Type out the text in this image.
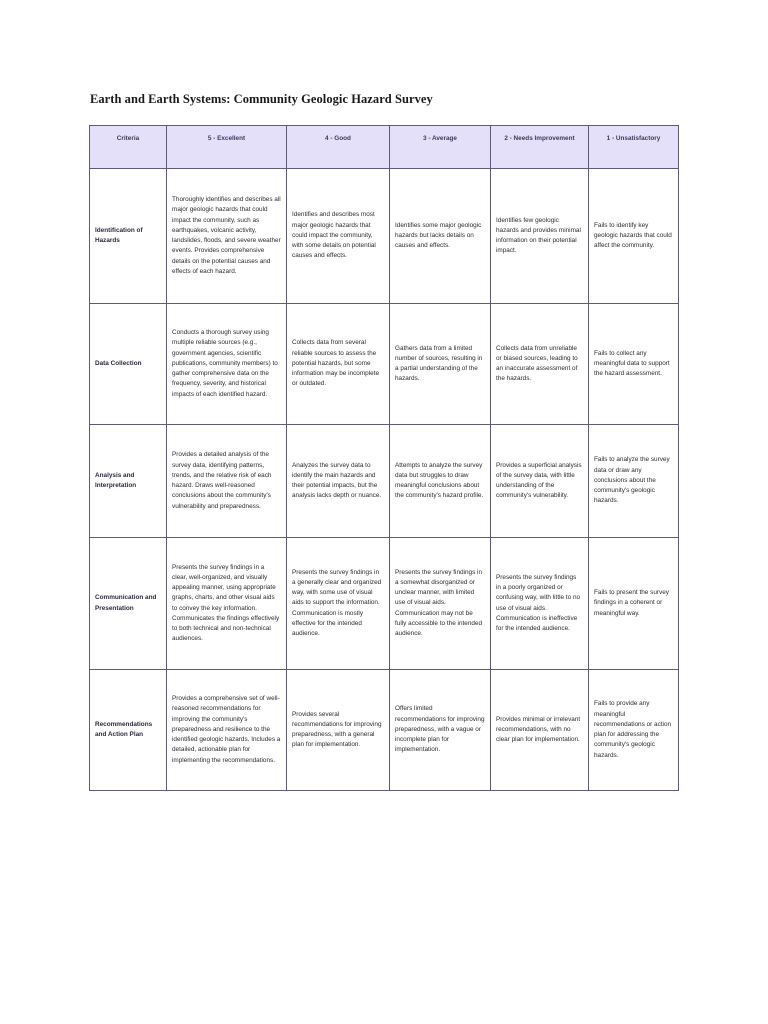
Earth and Earth Systems: Community Geologic Hazard Survey
Criteria	5 - Excellent	4 - Good	3 - Average	2 - Needs Improvement	1 - Unsatisfactory
Identification of Hazards	Thoroughly identifies and describes all major geologic hazards that could impact the community, such as earthquakes, volcanic activity, landslides, floods, and severe weather events. Provides comprehensive details on the potential causes and effects of each hazard.	Identifies and describes most major geologic hazards that could impact the community, with some details on potential causes and effects.	Identifies some major geologic hazards but lacks details on causes and effects.	Identifies few geologic hazards and provides minimal information on their potential impact.	Fails to identify key geologic hazards that could affect the community.
Data Collection	Conducts a thorough survey using multiple reliable sources (e.g., government agencies, scientific publications, community members) to gather comprehensive data on the frequency, severity, and historical impacts of each identified hazard.	Collects data from several reliable sources to assess the potential hazards, but some information may be incomplete or outdated.	Gathers data from a limited number of sources, resulting in a partial understanding of the hazards.	Collects data from unreliable or biased sources, leading to an inaccurate assessment of the hazards.	Fails to collect any meaningful data to support the hazard assessment.
Analysis and Interpretation	Provides a detailed analysis of the survey data, identifying patterns, trends, and the relative risk of each hazard. Draws well-reasoned conclusions about the community's vulnerability and preparedness.	Analyzes the survey data to identify the main hazards and their potential impacts, but the analysis lacks depth or nuance.	Attempts to analyze the survey data but struggles to draw meaningful conclusions about the community's hazard profile.	Provides a superficial analysis of the survey data, with little understanding of the community's vulnerability.	Fails to analyze the survey data or draw any conclusions about the community's geologic hazards.
Communication and Presentation	Presents the survey findings in a clear, well-organized, and visually appealing manner, using appropriate graphs, charts, and other visual aids to convey the key information. Communicates the findings effectively to both technical and non-technical audiences.	Presents the survey findings in a generally clear and organized way, with some use of visual aids to support the information. Communication is mostly effective for the intended audience.	Presents the survey findings in a somewhat disorganized or unclear manner, with limited use of visual aids. Communication may not be fully accessible to the intended audience.	Presents the survey findings in a poorly organized or confusing way, with little to no use of visual aids. Communication is ineffective for the intended audience.	Fails to present the survey findings in a coherent or meaningful way.
Recommendations and Action Plan	Provides a comprehensive set of well-reasoned recommendations for improving the community's preparedness and resilience to the identified geologic hazards. Includes a detailed, actionable plan for implementing the recommendations.	Provides several recommendations for improving preparedness, with a general plan for implementation.	Offers limited recommendations for improving preparedness, with a vague or incomplete plan for implementation.	Provides minimal or irrelevant recommendations, with no clear plan for implementation.	Fails to provide any meaningful recommendations or action plan for addressing the community's geologic hazards.
